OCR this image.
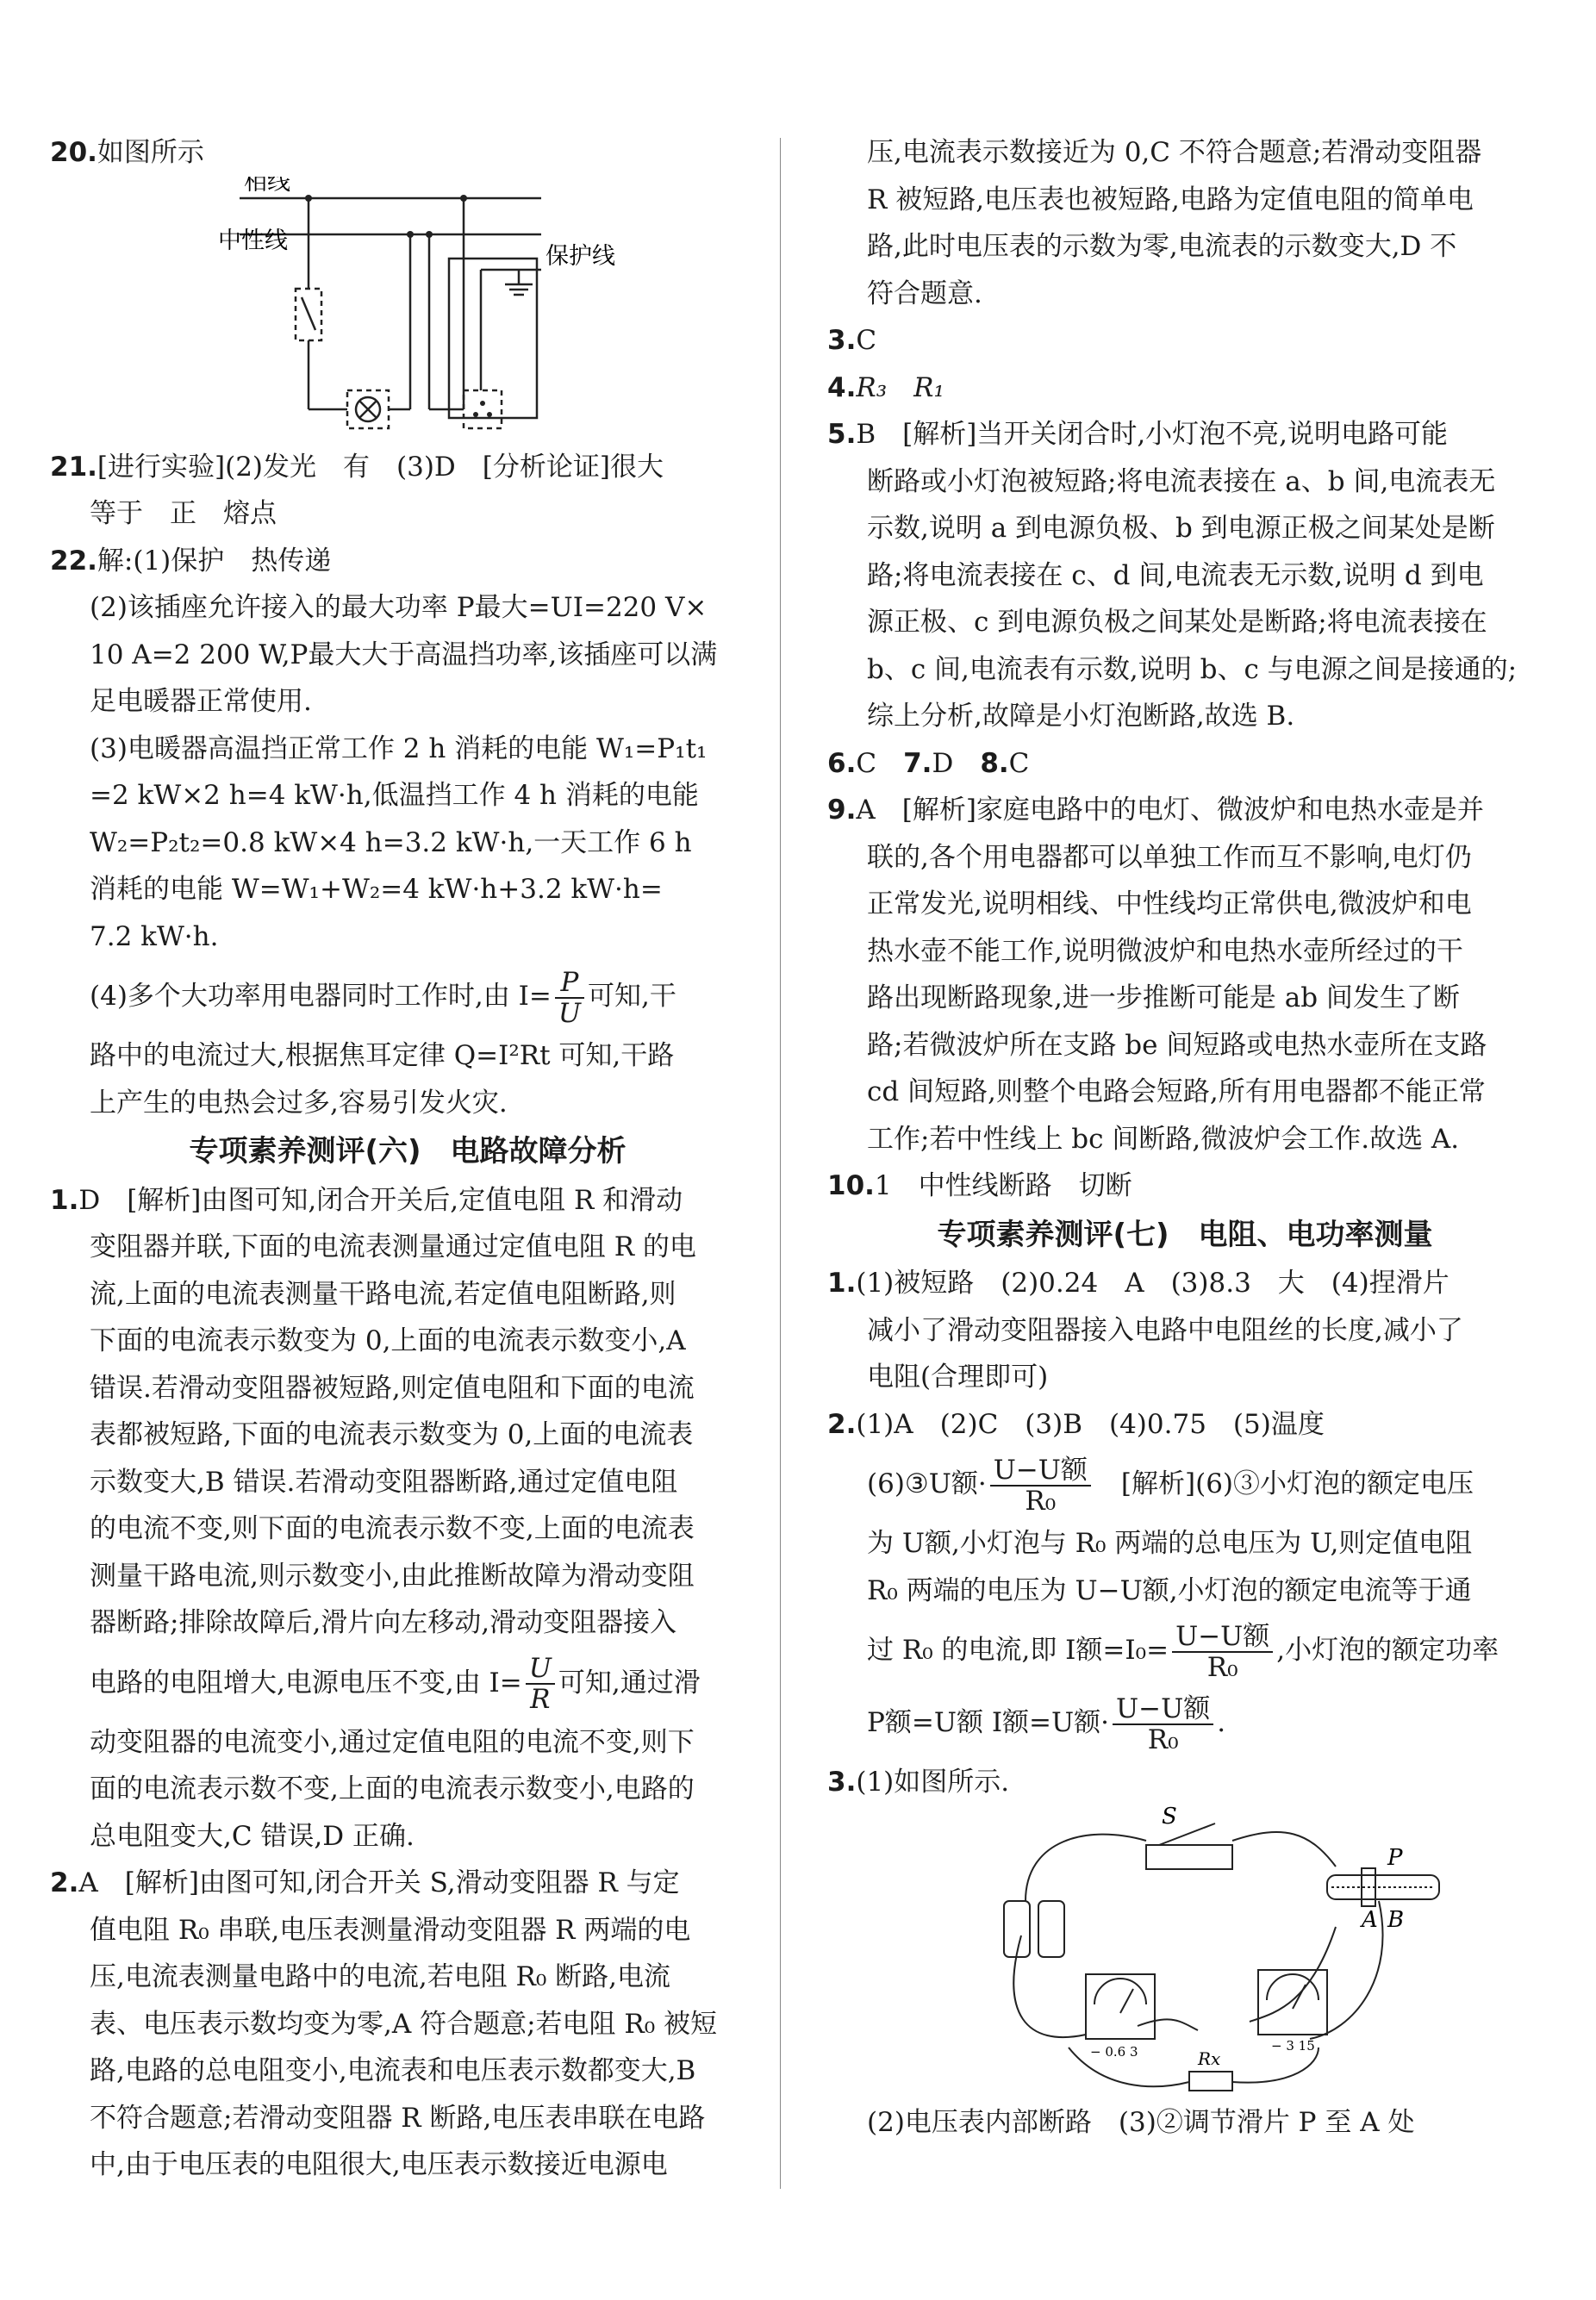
20.如图所示

相线
中性线
保护线

21.[进行实验](2)发光　有　(3)D　[分析论证]很大

等于　正　熔点

22.解:(1)保护　热传递

(2)该插座允许接入的最大功率 P最大=UI=220 V×

10 A=2 200 W,P最大大于高温挡功率,该插座可以满

足电暖器正常使用.

(3)电暖器高温挡正常工作 2 h 消耗的电能 W₁=P₁t₁

=2 kW×2 h=4 kW·h,低温挡工作 4 h 消耗的电能

W₂=P₂t₂=0.8 kW×4 h=3.2 kW·h,一天工作 6 h

消耗的电能 W=W₁+W₂=4 kW·h+3.2 kW·h=

7.2 kW·h.

(4)多个大功率用电器同时工作时,由 $I= \frac{P}{U}$ 可知,干

路中的电流过大,根据焦耳定律 Q=I²Rt 可知,干路

上产生的电热会过多,容易引发火灾.

专项素养测评(六)　电路故障分析

1.D　[解析]由图可知,闭合开关后,定值电阻 R 和滑动

变阻器并联,下面的电流表测量通过定值电阻 R 的电

流,上面的电流表测量干路电流,若定值电阻断路,则

下面的电流表示数变为 0,上面的电流表示数变小,A

错误.若滑动变阻器被短路,则定值电阻和下面的电流

表都被短路,下面的电流表示数变为 0,上面的电流表

示数变大,B 错误.若滑动变阻器断路,通过定值电阻

的电流不变,则下面的电流表示数不变,上面的电流表

测量干路电流,则示数变小,由此推断故障为滑动变阻

器断路;排除故障后,滑片向左移动,滑动变阻器接入

电路的电阻增大,电源电压不变,由 $I= \frac{U}{R}$ 可知,通过滑

动变阻器的电流变小,通过定值电阻的电流不变,则下

面的电流表示数不变,上面的电流表示数变小,电路的

总电阻变大,C 错误,D 正确.

2.A　[解析]由图可知,闭合开关 S,滑动变阻器 R 与定

值电阻 R₀ 串联,电压表测量滑动变阻器 R 两端的电

压,电流表测量电路中的电流,若电阻 R₀ 断路,电流

表、电压表示数均变为零,A 符合题意;若电阻 R₀ 被短

路,电路的总电阻变小,电流表和电压表示数都变大,B

不符合题意;若滑动变阻器 R 断路,电压表串联在电路

中,由于电压表的电阻很大,电压表示数接近电源电

压,电流表示数接近为 0,C 不符合题意;若滑动变阻器

R 被短路,电压表也被短路,电路为定值电阻的简单电

路,此时电压表的示数为零,电流表的示数变大,D 不

符合题意.

3.C

4.R₃　R₁

5.B　[解析]当开关闭合时,小灯泡不亮,说明电路可能

断路或小灯泡被短路;将电流表接在 a、b 间,电流表无

示数,说明 a 到电源负极、b 到电源正极之间某处是断

路;将电流表接在 c、d 间,电流表无示数,说明 d 到电

源正极、c 到电源负极之间某处是断路;将电流表接在

b、c 间,电流表有示数,说明 b、c 与电源之间是接通的;

综上分析,故障是小灯泡断路,故选 B.

6.C　7.D　8.C

9.A　[解析]家庭电路中的电灯、微波炉和电热水壶是并

联的,各个用电器都可以单独工作而互不影响,电灯仍

正常发光,说明相线、中性线均正常供电,微波炉和电

热水壶不能工作,说明微波炉和电热水壶所经过的干

路出现断路现象,进一步推断可能是 ab 间发生了断

路;若微波炉所在支路 be 间短路或电热水壶所在支路

cd 间短路,则整个电路会短路,所有用电器都不能正常

工作;若中性线上 bc 间断路,微波炉会工作.故选 A.

10.1　中性线断路　切断

专项素养测评(七)　电阻、电功率测量

1.(1)被短路　(2)0.24　A　(3)8.3　大　(4)捏滑片

减小了滑动变阻器接入电路中电阻丝的长度,减小了

电阻(合理即可)

2.(1)A　(2)C　(3)B　(4)0.75　(5)温度

(6)③U额· $\frac{\text{U−U额}}{\text{R₀}}$ 　[解析](6)③小灯泡的额定电压

为 U额,小灯泡与 R₀ 两端的总电压为 U,则定值电阻

R₀ 两端的电压为 U−U额,小灯泡的额定电流等于通

过 R₀ 的电流,即 I额$=I_0= \frac{\text{U−U额}}{\text{R₀}}$ ,小灯泡的额定功率

P额=U额 I额=U额· $\frac{\text{U−U额}}{\text{R₀}}$ .

3.(1)如图所示.

S
P
A B
− 0.6 3	− 3 15
Rx

(2)电压表内部断路　(3)②调节滑片 P 至 A 处
